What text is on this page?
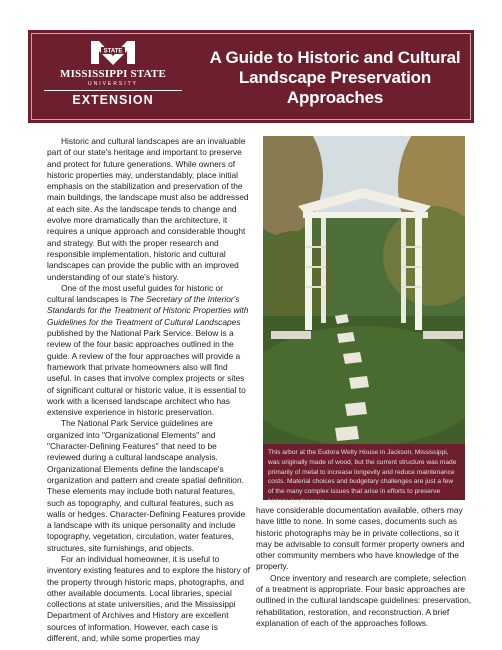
STATE
MISSISSIPPI STATE
UNIVERSITY
EXTENSION
A Guide to Historic and Cultural
Landscape Preservation Approaches

Historic and cultural landscapes are an invaluable part of our state's heritage and important to preserve and protect for future generations. While owners of historic properties may, understandably, place initial emphasis on the stabilization and preservation of the main buildings, the landscape must also be addressed at each site. As the landscape tends to change and evolve more dramatically than the architecture, it requires a unique approach and considerable thought and strategy. But with the proper research and responsible implementation, historic and cultural landscapes can provide the public with an improved understanding of our state's history.

One of the most useful guides for historic or cultural landscapes is The Secretary of the Interior's Standards for the Treatment of Historic Properties with Guidelines for the Treatment of Cultural Landscapes published by the National Park Service. Below is a review of the four basic approaches outlined in the guide. A review of the four approaches will provide a framework that private homeowners also will find useful. In cases that involve complex projects or sites of significant cultural or historic value, it is essential to work with a licensed landscape architect who has extensive experience in historic preservation.

The National Park Service guidelines are organized into "Organizational Elements" and "Character-Defining Features" that need to be reviewed during a cultural landscape analysis. Organizational Elements define the landscape's organization and pattern and create spatial definition. These elements may include both natural features, such as topography, and cultural features, such as walls or hedges. Character-Defining Features provide a landscape with its unique personality and include topography, vegetation, circulation, water features, structures, site furnishings, and objects.

For an individual homeowner, it is useful to inventory existing features and to explore the history of the property through historic maps, photographs, and other available documents. Local libraries, special collections at state universities, and the Mississippi Department of Archives and History are excellent sources of information. However, each case is different, and, while some properties may

This arbor at the Eudora Welty House in Jackson, Mississippi, was originally made of wood, but the current structure was made primarily of metal to increase longevity and reduce maintenance costs. Material choices and budgetary challenges are just a few of the many complex issues that arise in efforts to preserve historic landscapes.

have considerable documentation available, others may have little to none. In some cases, documents such as historic photographs may be in private collections, so it may be advisable to consult former property owners and other community members who have knowledge of the property.

Once inventory and research are complete, selection of a treatment is appropriate. Four basic approaches are outlined in the cultural landscape guidelines: preservation, rehabilitation, restoration, and reconstruction. A brief explanation of each of the approaches follows.
